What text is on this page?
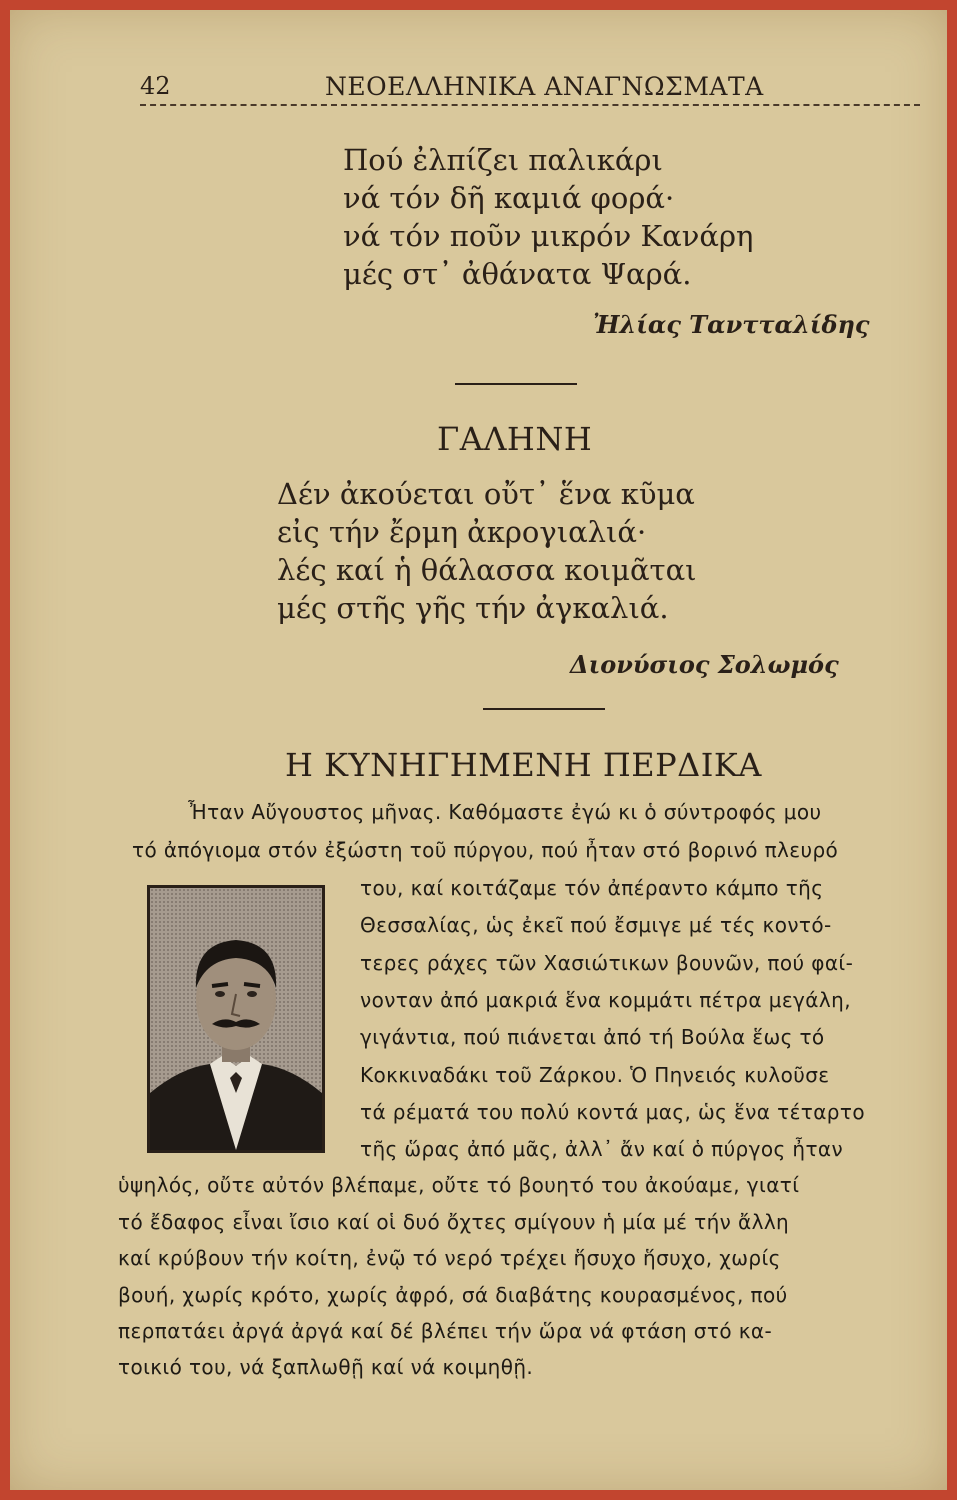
42	ΝΕΟΕΛΛΗΝΙΚΑ ΑΝΑΓΝΩΣΜΑΤΑ
Πού ἐλπίζει παλικάρι
νά τόν δῆ καμιά φορά·
νά τόν ποῦν μικρόν Κανάρη
μές στ᾿ ἀθάνατα Ψαρά.
Ἠλίας Ταντταλίδης
ΓΑΛΗΝΗ
Δέν ἀκούεται οὔτ᾿ ἕνα κῦμα
εἰς τήν ἔρμη ἀκρογιαλιά·
λές καί ἡ θάλασσα κοιμᾶται
μές στῆς γῆς τήν ἀγκαλιά.
Διονύσιος Σολωμός
Η ΚΥΝΗΓΗΜΕΝΗ ΠΕΡΔΙΚΑ
Ἦταν Αὔγουστος μῆνας. Καθόμαστε ἐγώ κι ὁ σύντροφός μου
τό ἀπόγιομα στόν ἐξώστη τοῦ πύργου, πού ἦταν στό βορινό πλευρό
του, καί κοιτάζαμε τόν ἀπέραντο κάμπο τῆς
Θεσσαλίας, ὡς ἐκεῖ πού ἔσμιγε μέ τές κοντό-
τερες ράχες τῶν Χασιώτικων βουνῶν, πού φαί-
νονταν ἀπό μακριά ἕνα κομμάτι πέτρα μεγάλη,
γιγάντια, πού πιάνεται ἀπό τή Βούλα ἕως τό
Κοκκιναδάκι τοῦ Ζάρκου. Ὁ Πηνειός κυλοῦσε
τά ρέματά του πολύ κοντά μας, ὡς ἕνα τέταρτο
τῆς ὥρας ἀπό μᾶς, ἀλλ᾿ ἄν καί ὁ πύργος ἦταν
ὑψηλός, οὔτε αὐτόν βλέπαμε, οὔτε τό βουητό του ἀκούαμε, γιατί
τό ἔδαφος εἶναι ἴσιο καί οἱ δυό ὄχτες σμίγουν ἡ μία μέ τήν ἄλλη
καί κρύβουν τήν κοίτη, ἐνῷ τό νερό τρέχει ἥσυχο ἥσυχο, χωρίς
βουή, χωρίς κρότο, χωρίς ἀφρό, σά διαβάτης κουρασμένος, πού
περπατάει ἀργά ἀργά καί δέ βλέπει τήν ὥρα νά φτάση στό κα-
τοικιό του, νά ξαπλωθῇ καί νά κοιμηθῇ.
